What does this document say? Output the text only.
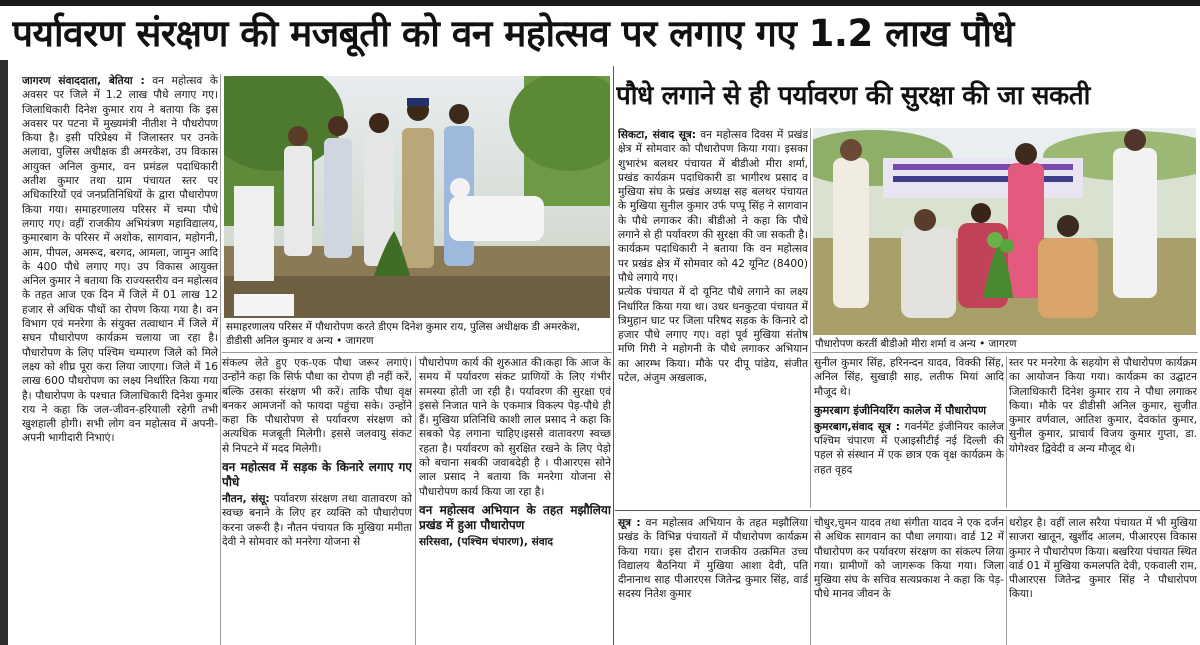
पर्यावरण संरक्षण की मजबूती को वन महोत्सव पर लगाए गए 1.2 लाख पौधे

जागरण संवाददाता, बेतिया : वन महोत्सव के अवसर पर जिले में 1.2 लाख पौधे लगाए गए। जिलाधिकारी दिनेश कुमार राय ने बताया कि इस अवसर पर पटना में मुख्यमंत्री नीतीश ने पौधरोपण किया है। इसी परिप्रेक्ष्य में जिलास्तर पर उनके अलावा, पुलिस अधीक्षक डी अमरकेश, उप विकास आयुक्त अनिल कुमार, वन प्रमंडल पदाधिकारी अतीश कुमार तथा ग्राम पंचायत स्तर पर अधिकारियों एवं जनप्रतिनिधियों के द्वारा पौधारोपण किया गया। समाहरणालय परिसर में चम्पा पौधे लगाए गए। वहीं राजकीय अभियंत्रण महाविद्यालय, कुमारबाग के परिसर में अशोक, सागवान, महोगनी, आम, पीपल, अमरूद, बरगद, आमला, जामुन आदि के 400 पौधे लगाए गए। उप विकास आयुक्त अनिल कुमार ने बताया कि राज्यस्तरीय वन महोत्सव के तहत आज एक दिन में जिले में 01 लाख 12 हजार से अधिक पौधों का रोपण किया गया है। वन विभाग एवं मनरेगा के संयुक्त तत्वाधान में जिले में सघन पौधारोपण कार्यक्रम चलाया जा रहा है। पौधारोपण के लिए पश्चिम चम्पारण जिले को मिले लक्ष्य को शीघ्र पूरा करा लिया जाएगा। जिले में 16 लाख 600 पौधरोपण का लक्ष्य निर्धारित किया गया है। पौधारोपण के पश्चात जिलाधिकारी दिनेश कुमार राय ने कहा कि जल-जीवन-हरियाली रहेगी तभी खुशहाली होगी। सभी लोग वन महोत्सव में अपनी-अपनी भागीदारी निभाएं।

समाहरणालय परिसर में पौधारोपण करते डीएम दिनेश कुमार राय, पुलिस अधीक्षक डी अमरकेश, डीडीसी अनिल कुमार व अन्य • जागरण

संकल्प लेते हुए एक-एक पौधा जरूर लगाएं। उन्होंने कहा कि सिर्फ पौधा का रोपण ही नहीं करें, बल्कि उसका संरक्षण भी करें। ताकि पौधा वृक्ष बनकर आमजनों को फायदा पहुंचा सके। उन्होंने कहा कि पौधारोपण से पर्यावरण संरक्षण को अत्यधिक मजबूती मिलेगी। इससे जलवायु संकट से निपटने में मदद मिलेगी।

वन महोत्सव में सड़क के किनारे लगाए गए पौधे

नौतन, संसू: पर्यावरण संरक्षण तथा वातावरण को स्वच्छ बनाने के लिए हर व्यक्ति को पौधारोपण करना जरूरी है। नौतन पंचायत कि मुखिया ममीता देवी ने सोमवार को मनरेगा योजना से

पौधारोपण कार्य की शुरुआत की।कहा कि आज के समय में पर्यावरण संकट प्राणियों के लिए गंभीर समस्या होती जा रही है। पर्यावरण की सुरक्षा एवं इससे निजात पाने के एकमात्र विकल्प पेड़-पौधे ही हैं। मुखिया प्रतिनिधि काशी लाल प्रसाद ने कहा कि सबको पेड़ लगाना चाहिए।इससे वातावरण स्वच्छ रहता है। पर्यावरण को सुरक्षित रखने के लिए पेड़ो को बचाना सबकी जवाबदेही है । पीआरएस सोने लाल प्रसाद ने बताया कि मनरेगा योजना से पौधारोपण कार्य किया जा रहा है।

वन महोत्सव अभियान के तहत मझौलिया प्रखंड में हुआ पौधारोपण

सरिसवा, (पश्चिम चंपारण), संवाद

पौधे लगाने से ही पर्यावरण की सुरक्षा की जा सकती

सिकटा, संवाद सूत्र: वन महोत्सव दिवस में प्रखंड क्षेत्र में सोमवार को पौधारोपण किया गया। इसका शुभारंभ बलथर पंचायत में बीडीओ मीरा शर्मा, प्रखंड कार्यक्रम पदाधिकारी डा भागीरथ प्रसाद व मुखिया संघ के प्रखंड अध्यक्ष सह बलथर पंचायत के मुखिया सुनील कुमार उर्फ पप्पू सिंह ने सागवान के पौधे लगाकर की। बीडीओ ने कहा कि पौधे लगाने से ही पर्यावरण की सुरक्षा की जा सकती है। कार्यक्रम पदाधिकारी ने बताया कि वन महोत्सव पर प्रखंड क्षेत्र में सोमवार को 42 यूनिट (8400) पौधे लगाये गए।

प्रत्येक पंचायत में दो यूनिट पौधे लगाने का लक्ष्य निर्धारित किया गया था। उधर धनकुटवा पंचायत में त्रिमुहान घाट पर जिला परिषद सड़क के किनारे दो हजार पौधे लगाए गए। वहां पूर्व मुखिया संतोष मणि गिरी ने महोगनी के पौधे लगाकर अभियान का आरम्भ किया। मौके पर दीपू पांडेय, संजीत पटेल, अंजुम अखलाक,

पौधारोपण करतीं बीडीओ मीरा शर्मा व अन्य • जागरण

सुनील कुमार सिंह, हरिनन्दन यादव, विक्की सिंह, अनिल सिंह, सुखाड़ी साह, लतीफ मियां आदि मौजूद थे।

कुमरबाग इंजीनियरिंग कालेज में पौधारोपण

कुमरबाग,संवाद सूत्र : गवर्नमेंट इंजीनियर कालेज पश्चिम चंपारण में एआइसीटीई नई दिल्ली की पहल से संस्थान में एक छात्र एक वृक्ष कार्यक्रम के तहत वृहद

स्तर पर मनरेगा के सहयोग से पौधारोपण कार्यक्रम का आयोजन किया गया। कार्यक्रम का उद्घाटन जिलाधिकारी दिनेश कुमार राय ने पौधा लगाकर किया। मौके पर डीडीसी अनिल कुमार, सुजीत कुमार वर्णवाल, आतिश कुमार, देवकांत कुमार, सुनील कुमार, प्राचार्य विजय कुमार गुप्ता, डा. योगेश्वर द्विवेदी व अन्य मौजूद थे।

सूत्र : वन महोत्सव अभियान के तहत मझौलिया प्रखंड के विभिन्न पंचायतों में पौधारोपण कार्यक्रम किया गया। इस दौरान राजकीय उत्क्रमित उच्च विद्यालय बैठनिया में मुखिया आशा देवी, पति दीनानाथ साह पीआरएस जितेन्द्र कुमार सिंह, वार्ड सदस्य नितेश कुमार

चौधुर,चुमन यादव तथा संगीता यादव ने एक दर्जन से अधिक सागवान का पौधा लगाया। वार्ड 12 में पौधारोपण कर पर्यावरण संरक्षण का संकल्प लिया गया। ग्रामीणों को जागरूक किया गया। जिला मुखिया संघ के सचिव सत्यप्रकाश ने कहा कि पेड़-पौधे मानव जीवन के

धरोहर है। वहीं लाल सरैया पंचायत में भी मुखिया साजरा खातून, खुर्शीद आलम, पीआरएस विकास कुमार ने पौधारोपण किया। बखरिया पंचायत स्थित वार्ड 01 में मुखिया कमलपति देवी, एकवाली राम, पीआरएस जितेन्द्र कुमार सिंह ने पौधारोपण किया।
